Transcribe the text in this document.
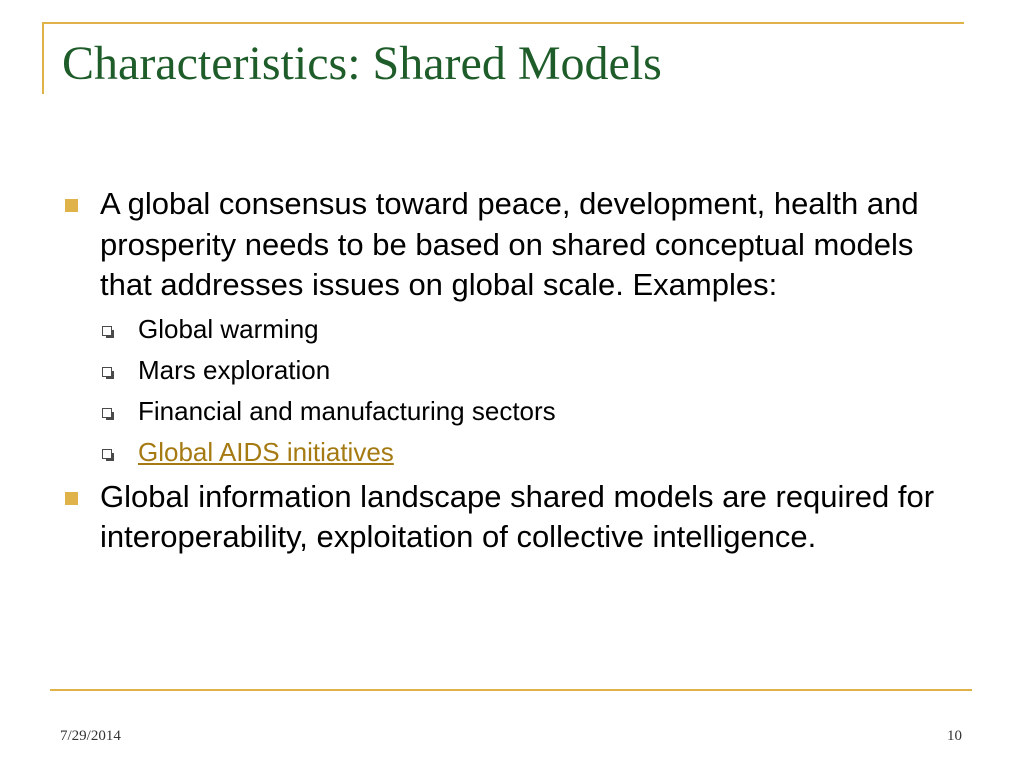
Characteristics: Shared Models
A global consensus toward peace, development, health and prosperity needs to be based on shared conceptual models that addresses issues on global scale. Examples:
Global warming
Mars exploration
Financial and manufacturing sectors
Global AIDS initiatives
Global information landscape shared models are required for interoperability, exploitation of collective intelligence.
7/29/2014	10
